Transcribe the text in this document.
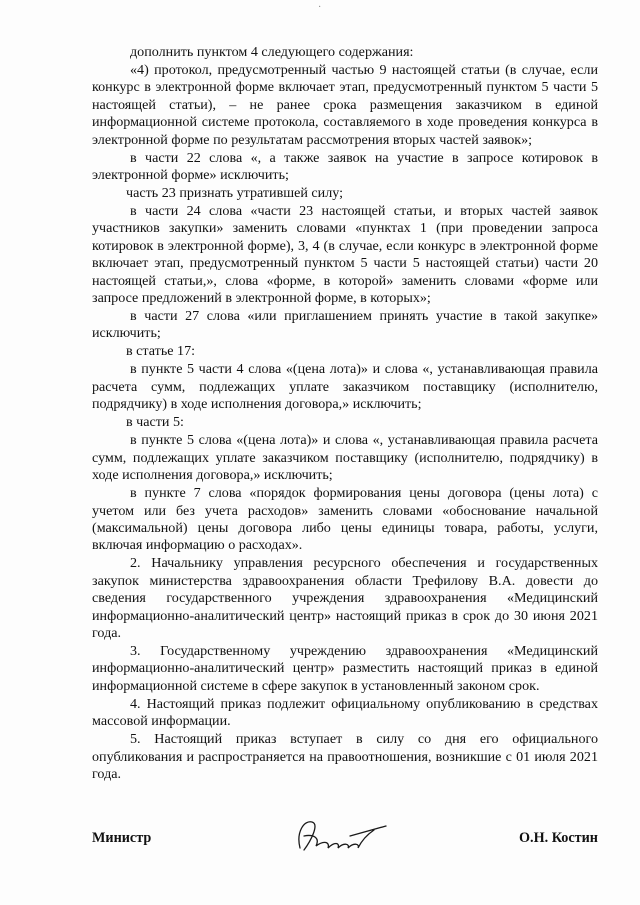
·

дополнить пунктом 4 следующего содержания:

«4) протокол, предусмотренный частью 9 настоящей статьи (в случае, если конкурс в электронной форме включает этап, предусмотренный пунктом 5 части 5 настоящей статьи), – не ранее срока размещения заказчиком в единой информационной системе протокола, составляемого в ходе проведения конкурса в электронной форме по результатам рассмотрения вторых частей заявок»;

в части 22 слова «, а также заявок на участие в запросе котировок в электронной форме» исключить;

часть 23 признать утратившей силу;

в части 24 слова «части 23 настоящей статьи, и вторых частей заявок участников закупки» заменить словами «пунктах 1 (при проведении запроса котировок в электронной форме), 3, 4 (в случае, если конкурс в электронной форме включает этап, предусмотренный пунктом 5 части 5 настоящей статьи) части 20 настоящей статьи,», слова «форме, в которой» заменить словами «форме или запросе предложений в электронной форме, в которых»;

в части 27 слова «или приглашением принять участие в такой закупке» исключить;

в статье 17:

в пункте 5 части 4 слова «(цена лота)» и слова «, устанавливающая правила расчета сумм, подлежащих уплате заказчиком поставщику (исполнителю, подрядчику) в ходе исполнения договора,» исключить;

в части 5:

в пункте 5 слова «(цена лота)» и слова «, устанавливающая правила расчета сумм, подлежащих уплате заказчиком поставщику (исполнителю, подрядчику) в ходе исполнения договора,» исключить;

в пункте 7 слова «порядок формирования цены договора (цены лота) с учетом или без учета расходов» заменить словами «обоснование начальной (максимальной) цены договора либо цены единицы товара, работы, услуги, включая информацию о расходах».

2. Начальнику управления ресурсного обеспечения и государственных закупок министерства здравоохранения области Трефилову В.А. довести до сведения государственного учреждения здравоохранения «Медицинский информационно-аналитический центр» настоящий приказ в срок до 30 июня 2021 года.

3. Государственному учреждению здравоохранения «Медицинский информационно-аналитический центр» разместить настоящий приказ в единой информационной системе в сфере закупок в установленный законом срок.

4. Настоящий приказ подлежит официальному опубликованию в средствах массовой информации.

5. Настоящий приказ вступает в силу со дня его официального опубликования и распространяется на правоотношения, возникшие с 01 июля 2021 года.

Министр	О.Н. Костин
